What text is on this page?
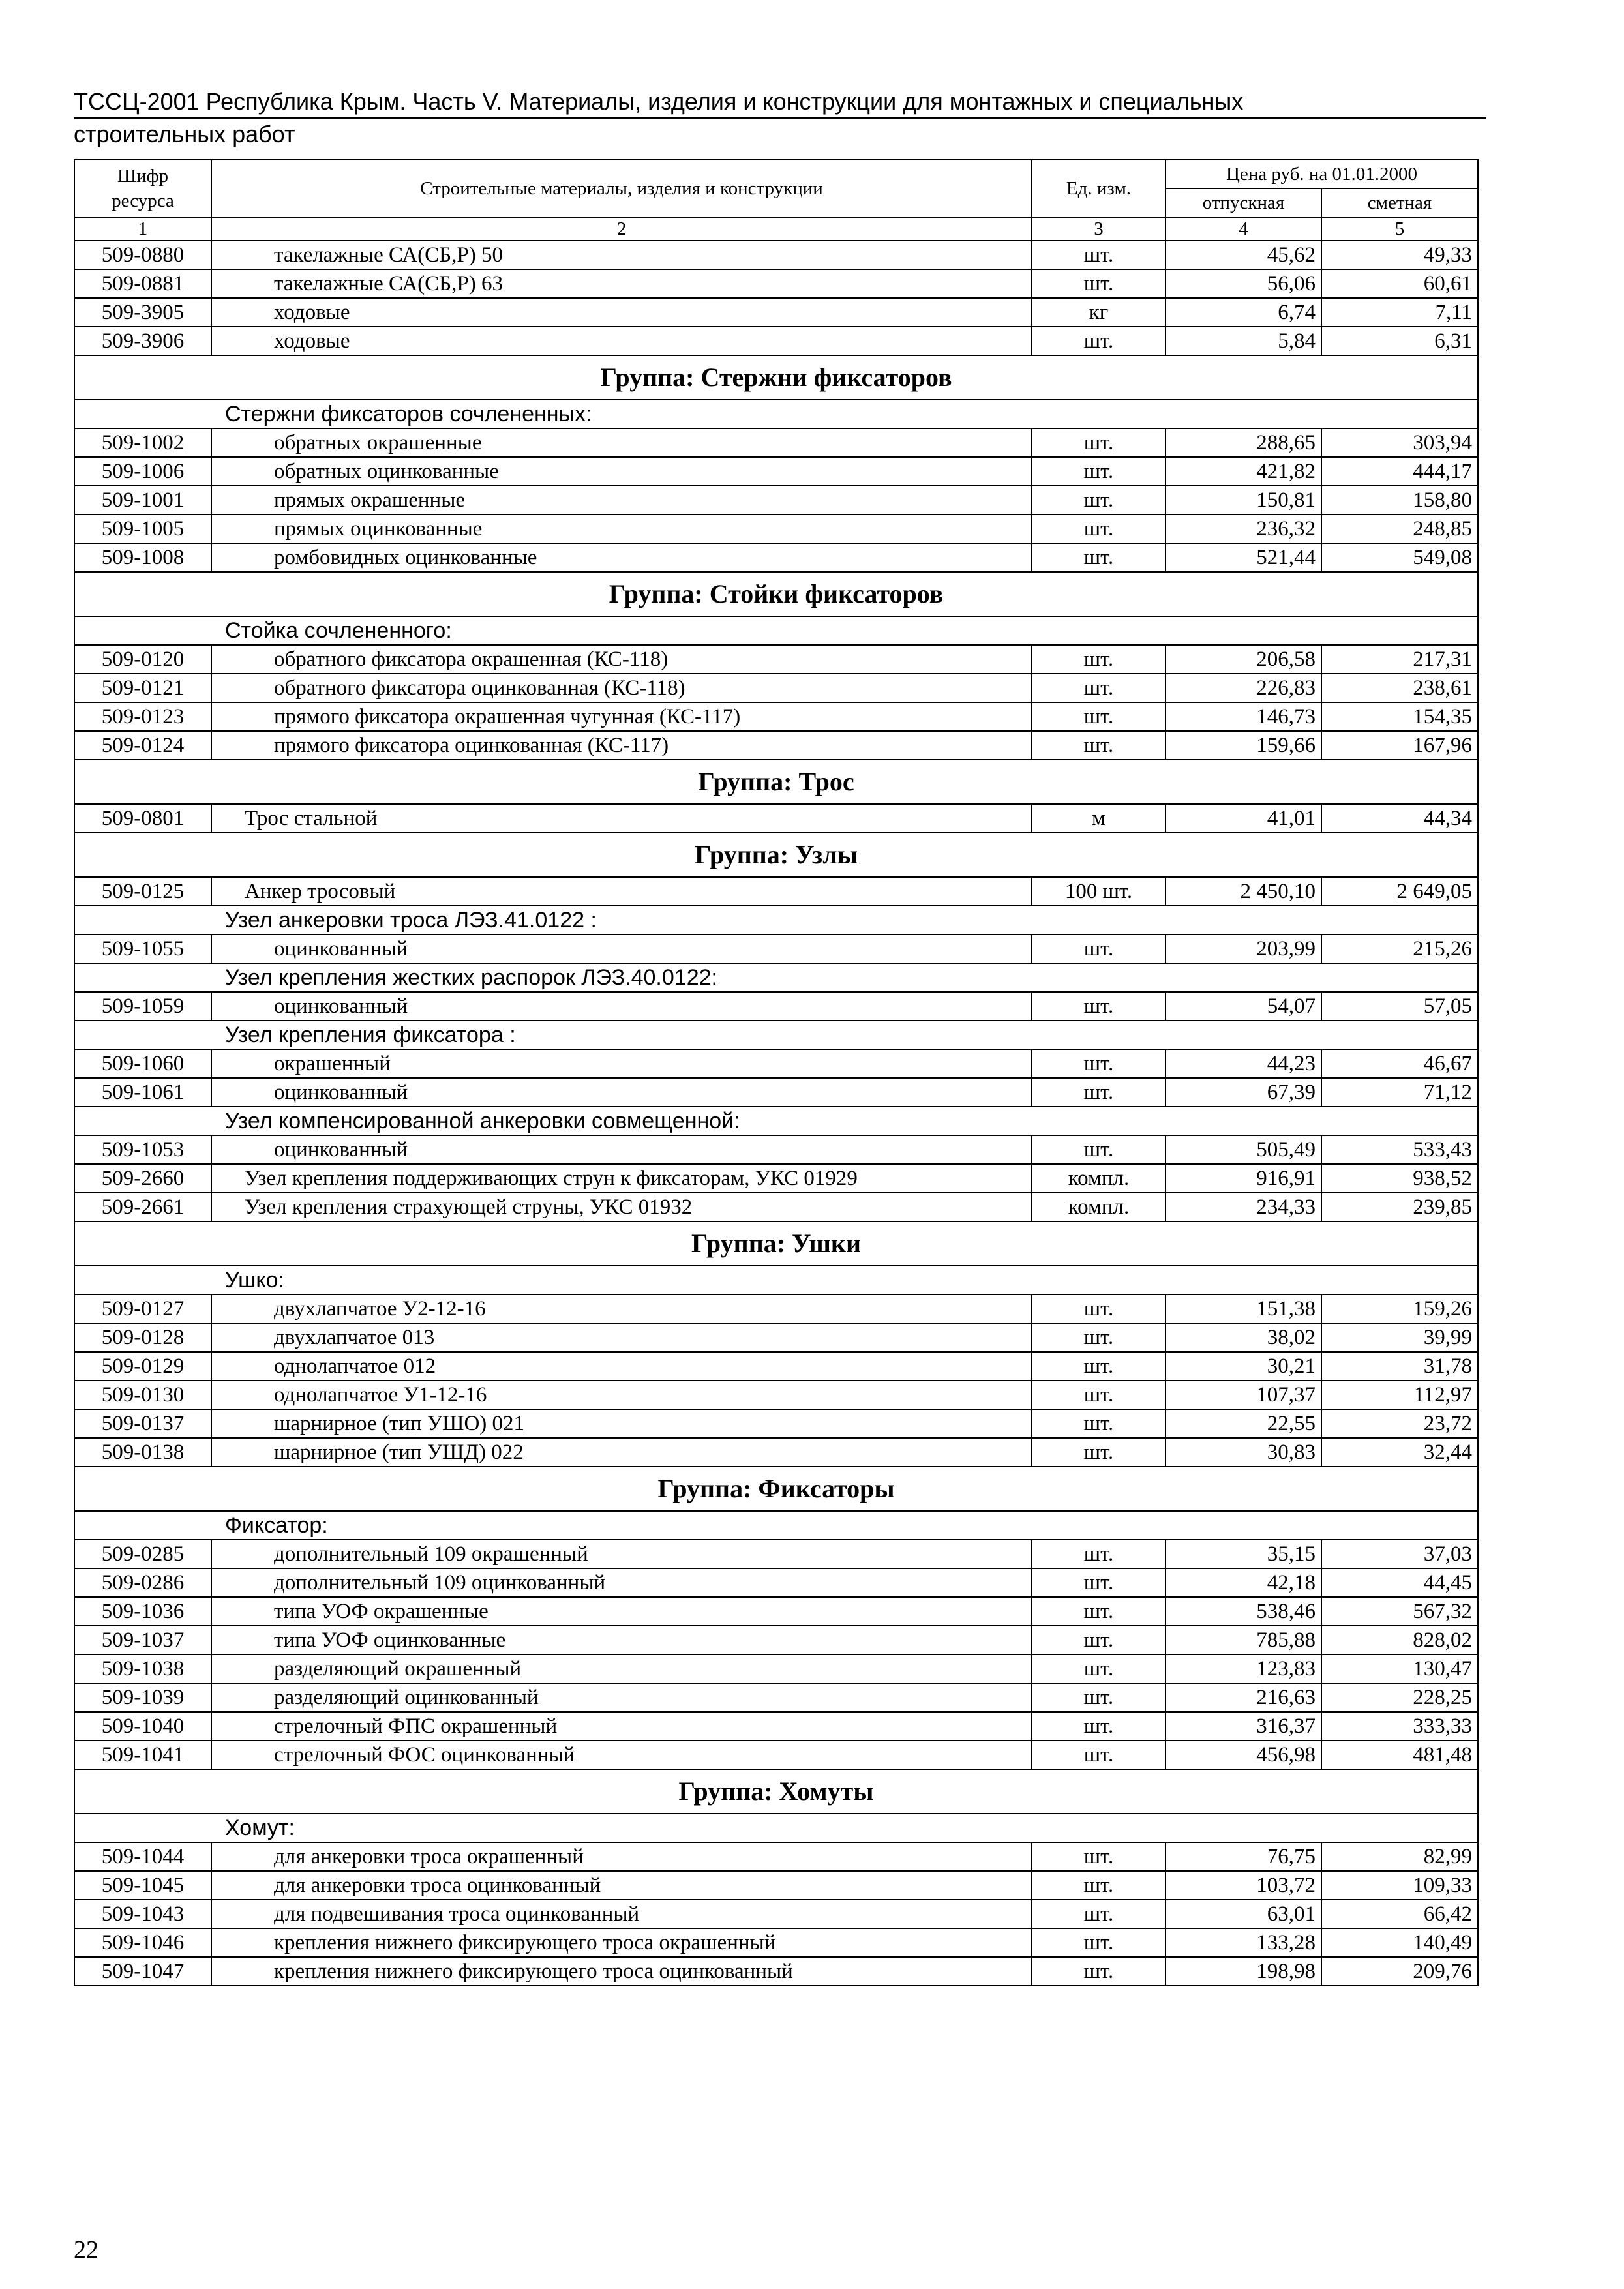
ТССЦ-2001 Республика Крым. Часть V. Материалы, изделия и конструкции для монтажных и специальных
строительных работ
Шифр ресурса	Строительные материалы, изделия и конструкции	Ед. изм.	Цена руб. на 01.01.2000	
			отпускная	сметная
1	2	3	4	5
509-0880	такелажные СА(СБ,Р) 50	шт.	45,62	49,33
509-0881	такелажные СА(СБ,Р) 63	шт.	56,06	60,61
509-3905	ходовые	кг	6,74	7,11
509-3906	ходовые	шт.	5,84	6,31
Группа: Стержни фиксаторов				
Стержни фиксаторов сочлененных:				
509-1002	обратных окрашенные	шт.	288,65	303,94
509-1006	обратных оцинкованные	шт.	421,82	444,17
509-1001	прямых окрашенные	шт.	150,81	158,80
509-1005	прямых оцинкованные	шт.	236,32	248,85
509-1008	ромбовидных оцинкованные	шт.	521,44	549,08
Группа: Стойки фиксаторов				
Стойка сочлененного:				
509-0120	обратного фиксатора окрашенная (КС-118)	шт.	206,58	217,31
509-0121	обратного фиксатора оцинкованная (КС-118)	шт.	226,83	238,61
509-0123	прямого фиксатора окрашенная чугунная (КС-117)	шт.	146,73	154,35
509-0124	прямого фиксатора оцинкованная (КС-117)	шт.	159,66	167,96
Группа: Трос				
509-0801	Трос стальной	м	41,01	44,34
Группа: Узлы				
509-0125	Анкер тросовый	100 шт.	2 450,10	2 649,05
Узел анкеровки троса ЛЭЗ.41.0122 :				
509-1055	оцинкованный	шт.	203,99	215,26
Узел крепления жестких распорок ЛЭЗ.40.0122:				
509-1059	оцинкованный	шт.	54,07	57,05
Узел крепления фиксатора :				
509-1060	окрашенный	шт.	44,23	46,67
509-1061	оцинкованный	шт.	67,39	71,12
Узел компенсированной анкеровки совмещенной:				
509-1053	оцинкованный	шт.	505,49	533,43
509-2660	Узел крепления поддерживающих струн к фиксаторам, УКС 01929	компл.	916,91	938,52
509-2661	Узел крепления страхующей струны, УКС 01932	компл.	234,33	239,85
Группа: Ушки				
Ушко:				
509-0127	двухлапчатое У2-12-16	шт.	151,38	159,26
509-0128	двухлапчатое 013	шт.	38,02	39,99
509-0129	однолапчатое 012	шт.	30,21	31,78
509-0130	однолапчатое У1-12-16	шт.	107,37	112,97
509-0137	шарнирное (тип УШО) 021	шт.	22,55	23,72
509-0138	шарнирное (тип УШД) 022	шт.	30,83	32,44
Группа: Фиксаторы				
Фиксатор:				
509-0285	дополнительный 109 окрашенный	шт.	35,15	37,03
509-0286	дополнительный 109 оцинкованный	шт.	42,18	44,45
509-1036	типа УОФ окрашенные	шт.	538,46	567,32
509-1037	типа УОФ оцинкованные	шт.	785,88	828,02
509-1038	разделяющий окрашенный	шт.	123,83	130,47
509-1039	разделяющий оцинкованный	шт.	216,63	228,25
509-1040	стрелочный ФПС окрашенный	шт.	316,37	333,33
509-1041	стрелочный ФОС оцинкованный	шт.	456,98	481,48
Группа: Хомуты				
Хомут:				
509-1044	для анкеровки троса окрашенный	шт.	76,75	82,99
509-1045	для анкеровки троса оцинкованный	шт.	103,72	109,33
509-1043	для подвешивания троса оцинкованный	шт.	63,01	66,42
509-1046	крепления нижнего фиксирующего троса окрашенный	шт.	133,28	140,49
509-1047	крепления нижнего фиксирующего троса оцинкованный	шт.	198,98	209,76
22
